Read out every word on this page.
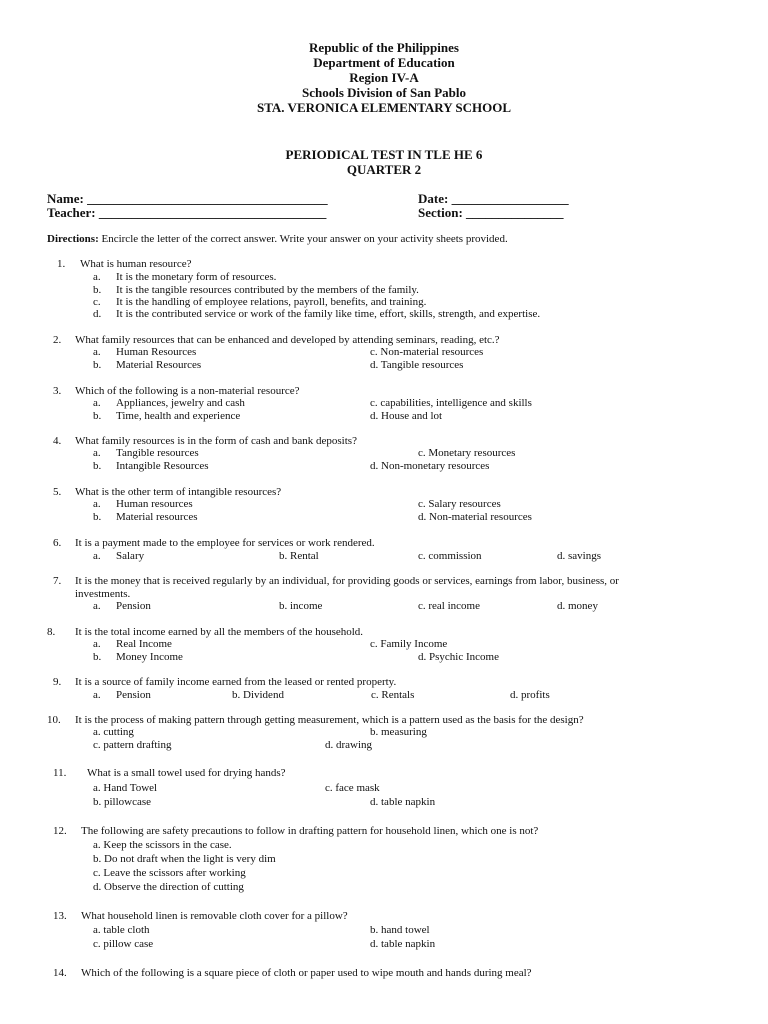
Republic of the Philippines
Department of Education
Region IV-A
Schools Division of San Pablo
STA. VERONICA ELEMENTARY SCHOOL
PERIODICAL TEST IN TLE HE 6
QUARTER 2
Name: _____________________________________	Date: __________________
Teacher: ___________________________________	Section: _______________
Directions: Encircle the letter of the correct answer. Write your answer on your activity sheets provided.
1. What is human resource?
a. It is the monetary form of resources.
b. It is the tangible resources contributed by the members of the family.
c. It is the handling of employee relations, payroll, benefits, and training.
d. It is the contributed service or work of the family like time, effort, skills, strength, and expertise.
2. What family resources that can be enhanced and developed by attending seminars, reading, etc.?
a. Human Resources	c. Non-material resources
b. Material Resources	d. Tangible resources
3. Which of the following is a non-material resource?
a. Appliances, jewelry and cash	c. capabilities, intelligence and skills
b. Time, health and experience	d. House and lot
4. What family resources is in the form of cash and bank deposits?
a. Tangible resources	c. Monetary resources
b. Intangible Resources	d. Non-monetary resources
5. What is the other term of intangible resources?
a. Human resources	c. Salary resources
b. Material resources	d. Non-material resources
6. It is a payment made to the employee for services or work rendered.
a. Salary	b. Rental	c. commission	d. savings
7. It is the money that is received regularly by an individual, for providing goods or services, earnings from labor, business, or
investments.
a. Pension	b. income	c. real income	d. money
8. It is the total income earned by all the members of the household.
a. Real Income	c. Family Income
b. Money Income	d. Psychic Income
9. It is a source of family income earned from the leased or rented property.
a. Pension	b. Dividend	c. Rentals	d. profits
10. It is the process of making pattern through getting measurement, which is a pattern used as the basis for the design?
a. cutting	b. measuring
c. pattern drafting	d. drawing
11. What is a small towel used for drying hands?
a. Hand Towel	c. face mask
b. pillowcase	d. table napkin
12. The following are safety precautions to follow in drafting pattern for household linen, which one is not?
a. Keep the scissors in the case.
b. Do not draft when the light is very dim
c. Leave the scissors after working
d. Observe the direction of cutting
13. What household linen is removable cloth cover for a pillow?
a. table cloth	b. hand towel
c. pillow case	d. table napkin
14. Which of the following is a square piece of cloth or paper used to wipe mouth and hands during meal?
